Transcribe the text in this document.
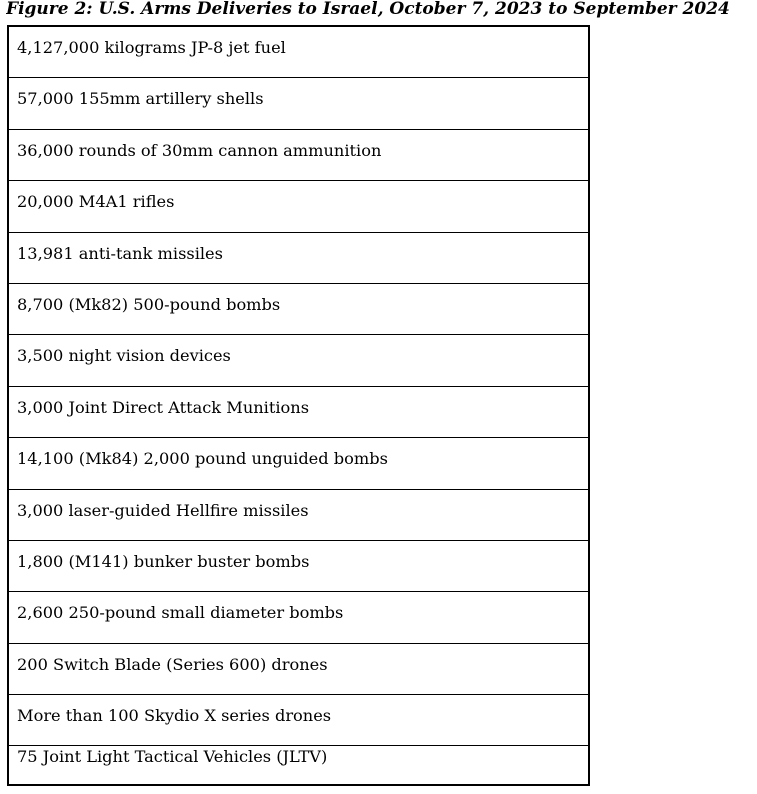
Figure 2: U.S. Arms Deliveries to Israel, October 7, 2023 to September 2024
4,127,000 kilograms JP-8 jet fuel
57,000 155mm artillery shells
36,000 rounds of 30mm cannon ammunition
20,000 M4A1 rifles
13,981 anti-tank missiles
8,700 (Mk82) 500-pound bombs
3,500 night vision devices
3,000 Joint Direct Attack Munitions
14,100 (Mk84) 2,000 pound unguided bombs
3,000 laser-guided Hellfire missiles
1,800 (M141) bunker buster bombs
2,600 250-pound small diameter bombs
200 Switch Blade (Series 600) drones
More than 100 Skydio X series drones
75 Joint Light Tactical Vehicles (JLTV)
